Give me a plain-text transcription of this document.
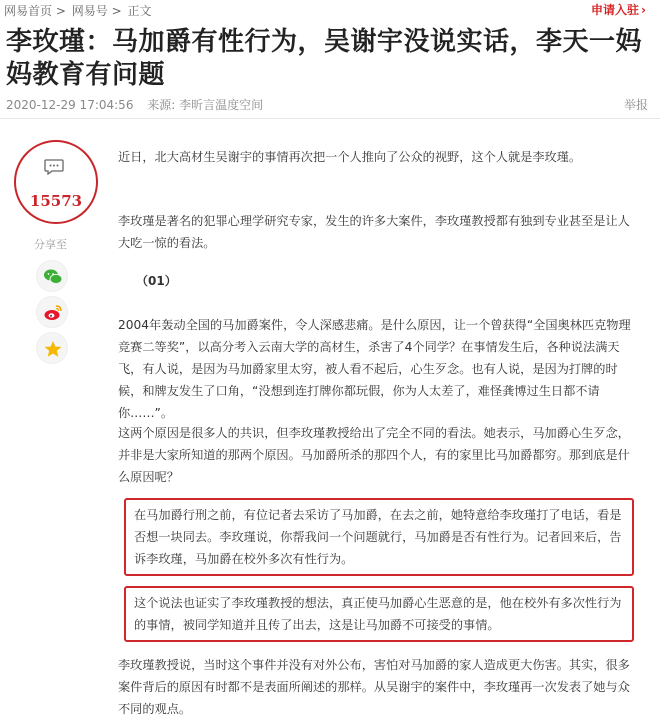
网易首页 > 网易号 > 正文	申请入驻 ›
李玫瑾：马加爵有性行为，吴谢宇没说实话，李天一妈妈教育有问题
2020-12-29 17:04:56 来源: 李昕言温度空间	举报
15573
分享至

近日，北大高材生吴谢宇的事情再次把一个人推向了公众的视野，这个人就是李玫瑾。

李玫瑾是著名的犯罪心理学研究专家，发生的许多大案件，李玫瑾教授都有独到专业甚至是让人大吃一惊的看法。

（01）

2004年轰动全国的马加爵案件，令人深感悲痛。是什么原因，让一个曾获得“全国奥林匹克物理竞赛二等奖”，以高分考入云南大学的高材生，杀害了4个同学？在事情发生后，各种说法满天飞，有人说，是因为马加爵家里太穷，被人看不起后，心生歹念。也有人说，是因为打牌的时候，和牌友发生了口角，“没想到连打牌你都玩假，你为人太差了，难怪龚博过生日都不请你……”。

这两个原因是很多人的共识，但李玫瑾教授给出了完全不同的看法。她表示，马加爵心生歹念，并非是大家所知道的那两个原因。马加爵所杀的那四个人，有的家里比马加爵都穷。那到底是什么原因呢？

在马加爵行刑之前，有位记者去采访了马加爵，在去之前，她特意给李玫瑾打了电话，看是否想一块同去。李玫瑾说，你帮我问一个问题就行，马加爵是否有性行为。记者回来后，告诉李玫瑾，马加爵在校外多次有性行为。

这个说法也证实了李玫瑾教授的想法，真正使马加爵心生恶意的是，他在校外有多次性行为的事情，被同学知道并且传了出去，这是让马加爵不可接受的事情。

李玫瑾教授说，当时这个事件并没有对外公布，害怕对马加爵的家人造成更大伤害。其实，很多案件背后的原因有时都不是表面所阐述的那样。从吴谢宇的案件中，李玫瑾再一次发表了她与众不同的观点。
